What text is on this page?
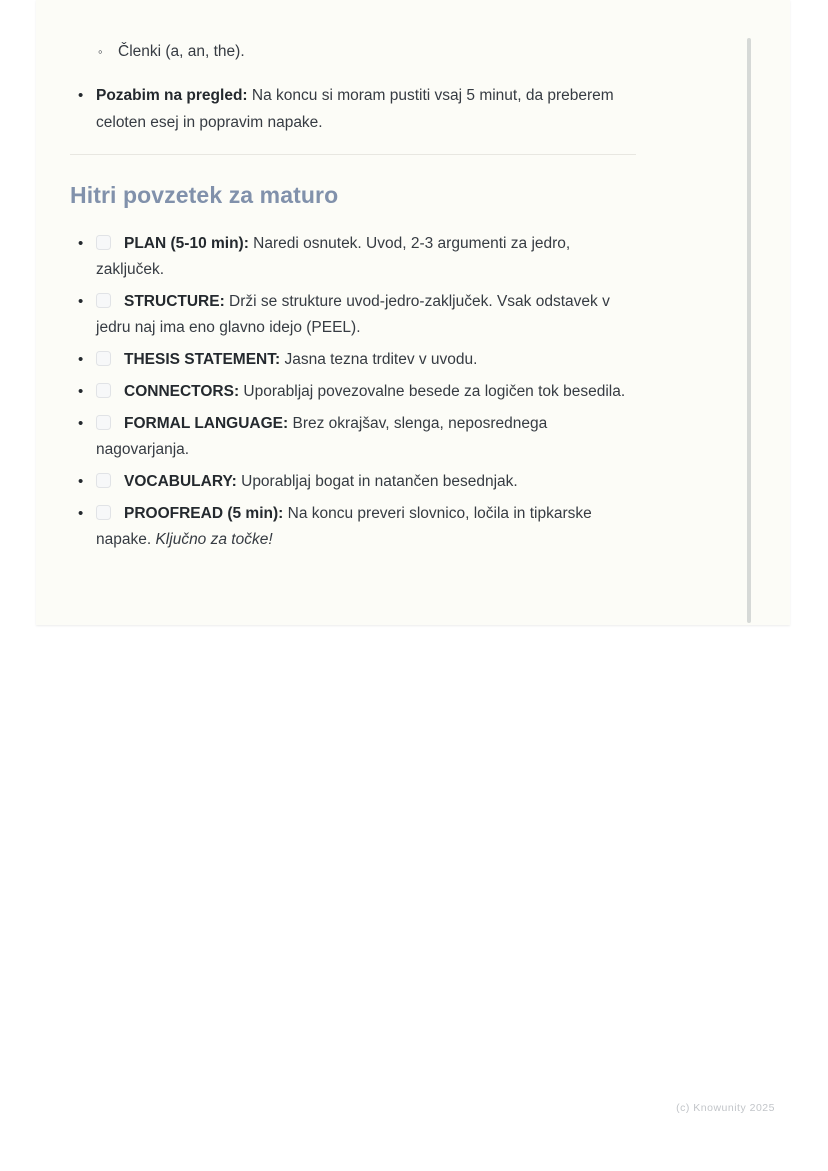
◦ Členki (a, an, the).
• Pozabim na pregled: Na koncu si moram pustiti vsaj 5 minut, da preberem celoten esej in popravim napake.
Hitri povzetek za maturo
•	PLAN (5-10 min): Naredi osnutek. Uvod, 2-3 argumenti za jedro, zaključek.
•	STRUCTURE: Drži se strukture uvod-jedro-zaključek. Vsak odstavek v jedru naj ima eno glavno idejo (PEEL).
•	THESIS STATEMENT: Jasna tezna trditev v uvodu.
•	CONNECTORS: Uporabljaj povezovalne besede za logičen tok besedila.
•	FORMAL LANGUAGE: Brez okrajšav, slenga, neposrednega nagovarjanja.
•	VOCABULARY: Uporabljaj bogat in natančen besednjak.
•	PROOFREAD (5 min): Na koncu preveri slovnico, ločila in tipkarske napake. Ključno za točke!
(c) Knowunity 2025
